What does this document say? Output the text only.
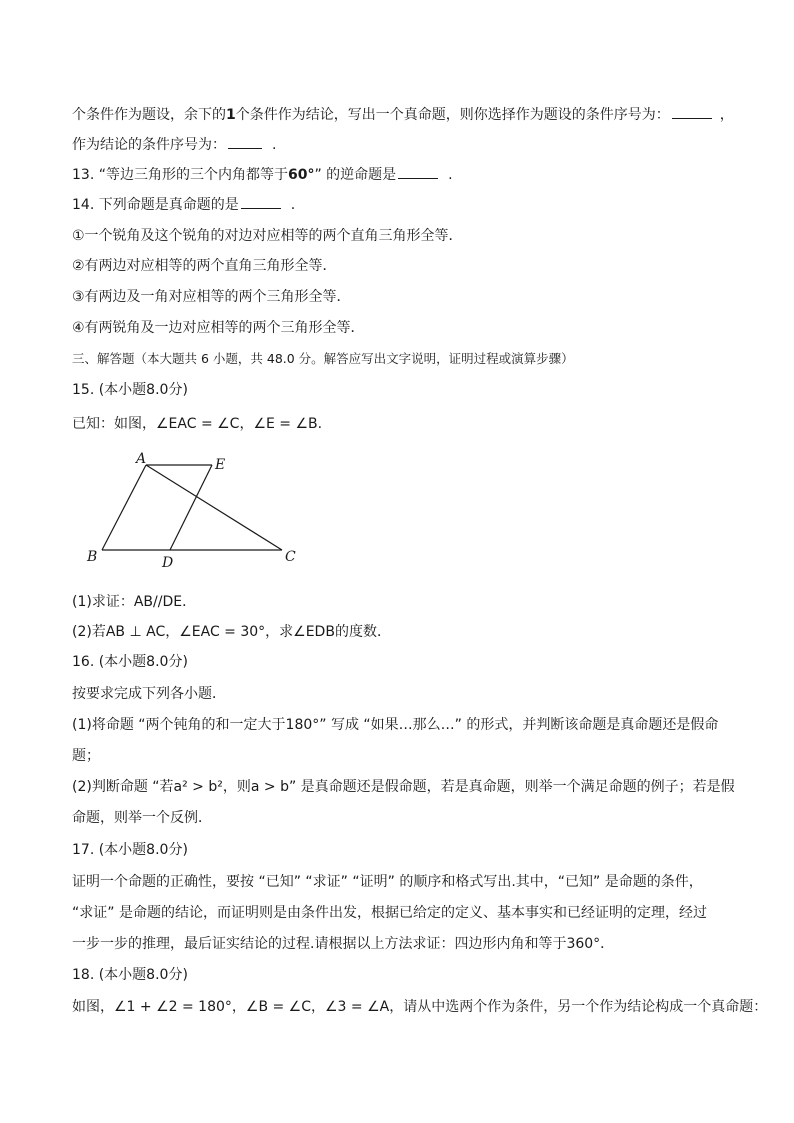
个条件作为题设，余下的1个条件作为结论，写出一个真命题，则你选择作为题设的条件序号为：	，
作为结论的条件序号为：	.
13. “等边三角形的三个内角都等于60°” 的逆命题是	.
14. 下列命题是真命题的是	.
①一个锐角及这个锐角的对边对应相等的两个直角三角形全等．
②有两边对应相等的两个直角三角形全等．
③有两边及一角对应相等的两个三角形全等．
④有两锐角及一边对应相等的两个三角形全等．
三、解答题（本大题共 6 小题，共 48.0 分。解答应写出文字说明，证明过程或演算步骤）
15. (本小题8.0分)
已知：如图，∠EAC = ∠C，∠E = ∠B.
A	E
B	D	C
(1)求证：AB//DE．
(2)若AB ⊥ AC，∠EAC = 30°，求∠EDB的度数．
16. (本小题8.0分)
按要求完成下列各小题．
(1)将命题 “两个钝角的和一定大于180°” 写成 “如果…那么…” 的形式，并判断该命题是真命题还是假命
题；
(2)判断命题 “若a² > b²，则a > b” 是真命题还是假命题，若是真命题，则举一个满足命题的例子；若是假
命题，则举一个反例．
17. (本小题8.0分)
证明一个命题的正确性，要按 “已知” “求证” “证明” 的顺序和格式写出.其中，“已知” 是命题的条件，
“求证” 是命题的结论，而证明则是由条件出发，根据已给定的定义、基本事实和已经证明的定理，经过
一步一步的推理，最后证实结论的过程.请根据以上方法求证：四边形内角和等于360°．
18. (本小题8.0分)
如图，∠1 + ∠2 = 180°，∠B = ∠C，∠3 = ∠A，请从中选两个作为条件，另一个作为结论构成一个真命题：
